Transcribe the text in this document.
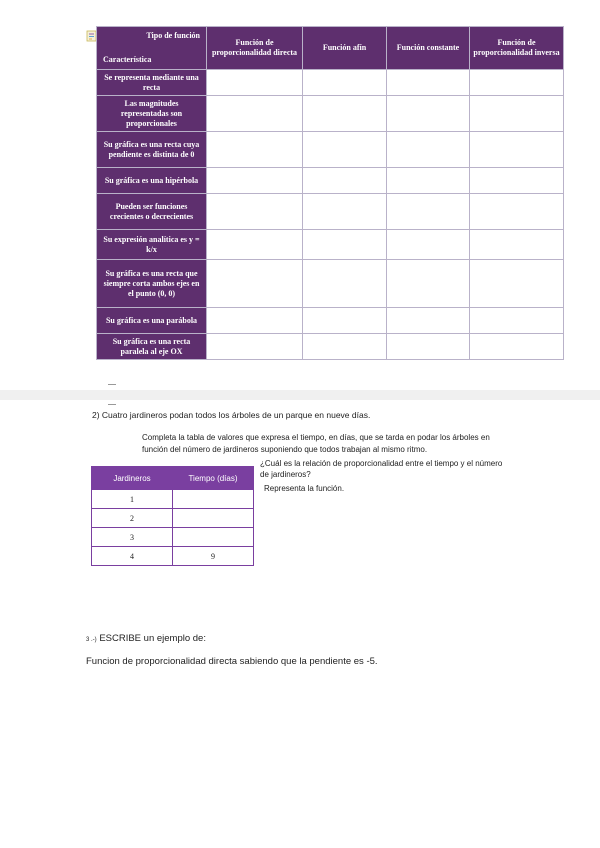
Tipo de función
Característica	Función de proporcionalidad directa	Función afín	Función constante	Función de proporcionalidad inversa
Se representa mediante una recta				
Las magnitudes representadas son proporcionales				
Su gráfica es una recta cuya pendiente es distinta de 0				
Su gráfica es una hipérbola				
Pueden ser funciones crecientes o decrecientes				
Su expresión analítica es y = k/x				
Su gráfica es una recta que siempre corta ambos ejes en el punto (0, 0)				
Su gráfica es una parábola				
Su gráfica es una recta paralela al eje OX				
2) Cuatro jardineros podan todos los árboles de un parque en nueve días.
Completa la tabla de valores que expresa el tiempo, en días, que se tarda en podar los árboles en función del número de jardineros suponiendo que todos trabajan al mismo ritmo.
¿Cuál es la relación de proporcionalidad entre el tiempo y el número de jardineros?
Representa la función.
Jardineros	Tiempo (días)
1	
2	
3	
4	9
3 .-) ESCRIBE un ejemplo de:
Funcion de proporcionalidad directa sabiendo que la pendiente es -5.
